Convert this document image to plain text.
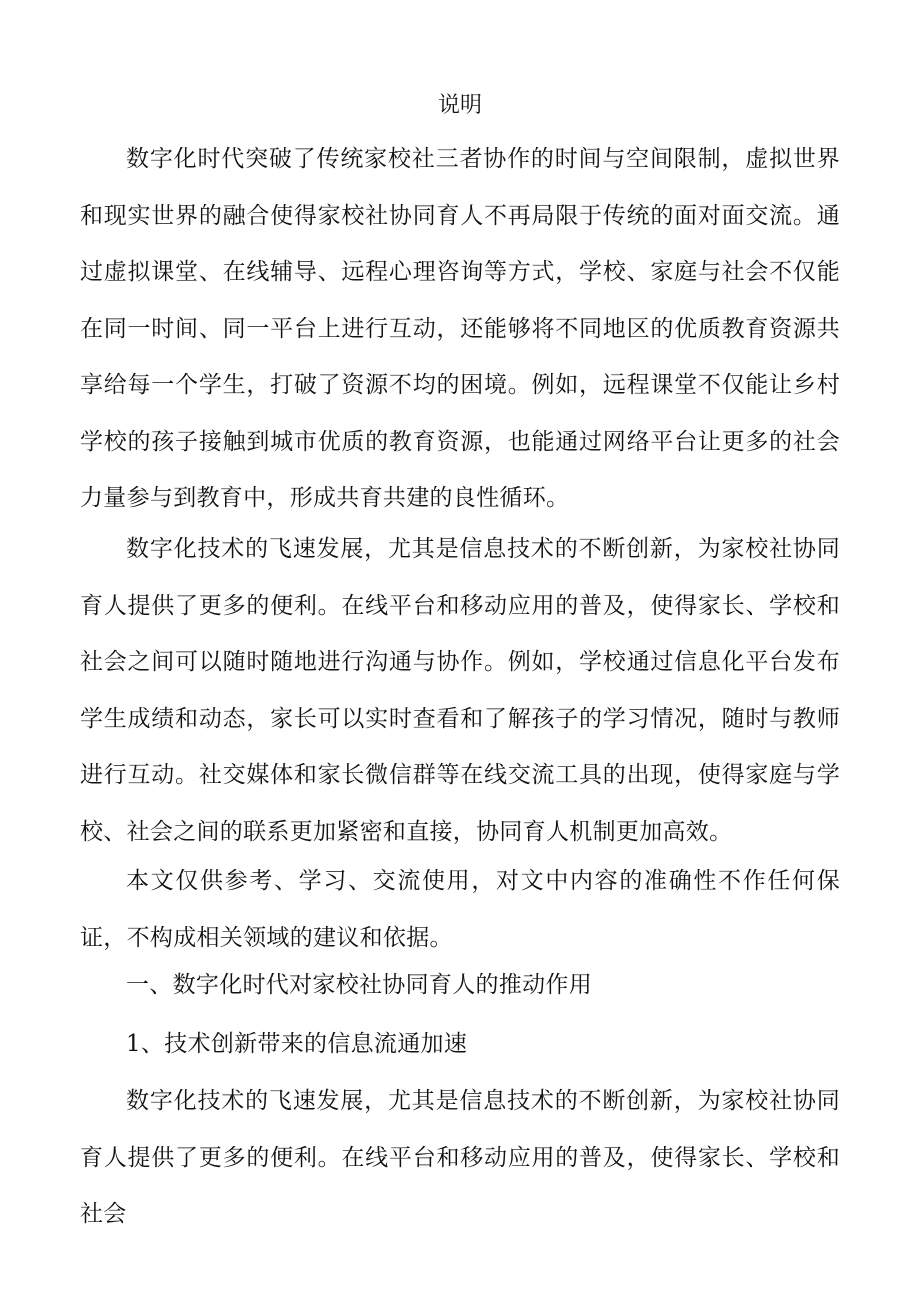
说明

数字化时代突破了传统家校社三者协作的时间与空间限制，虚拟世界和现实世界的融合使得家校社协同育人不再局限于传统的面对面交流。通过虚拟课堂、在线辅导、远程心理咨询等方式，学校、家庭与社会不仅能在同一时间、同一平台上进行互动，还能够将不同地区的优质教育资源共享给每一个学生，打破了资源不均的困境。例如，远程课堂不仅能让乡村学校的孩子接触到城市优质的教育资源，也能通过网络平台让更多的社会力量参与到教育中，形成共育共建的良性循环。

数字化技术的飞速发展，尤其是信息技术的不断创新，为家校社协同育人提供了更多的便利。在线平台和移动应用的普及，使得家长、学校和社会之间可以随时随地进行沟通与协作。例如，学校通过信息化平台发布学生成绩和动态，家长可以实时查看和了解孩子的学习情况，随时与教师进行互动。社交媒体和家长微信群等在线交流工具的出现，使得家庭与学校、社会之间的联系更加紧密和直接，协同育人机制更加高效。

本文仅供参考、学习、交流使用，对文中内容的准确性不作任何保证，不构成相关领域的建议和依据。

一、数字化时代对家校社协同育人的推动作用

1、技术创新带来的信息流通加速

数字化技术的飞速发展，尤其是信息技术的不断创新，为家校社协同育人提供了更多的便利。在线平台和移动应用的普及，使得家长、学校和社会
